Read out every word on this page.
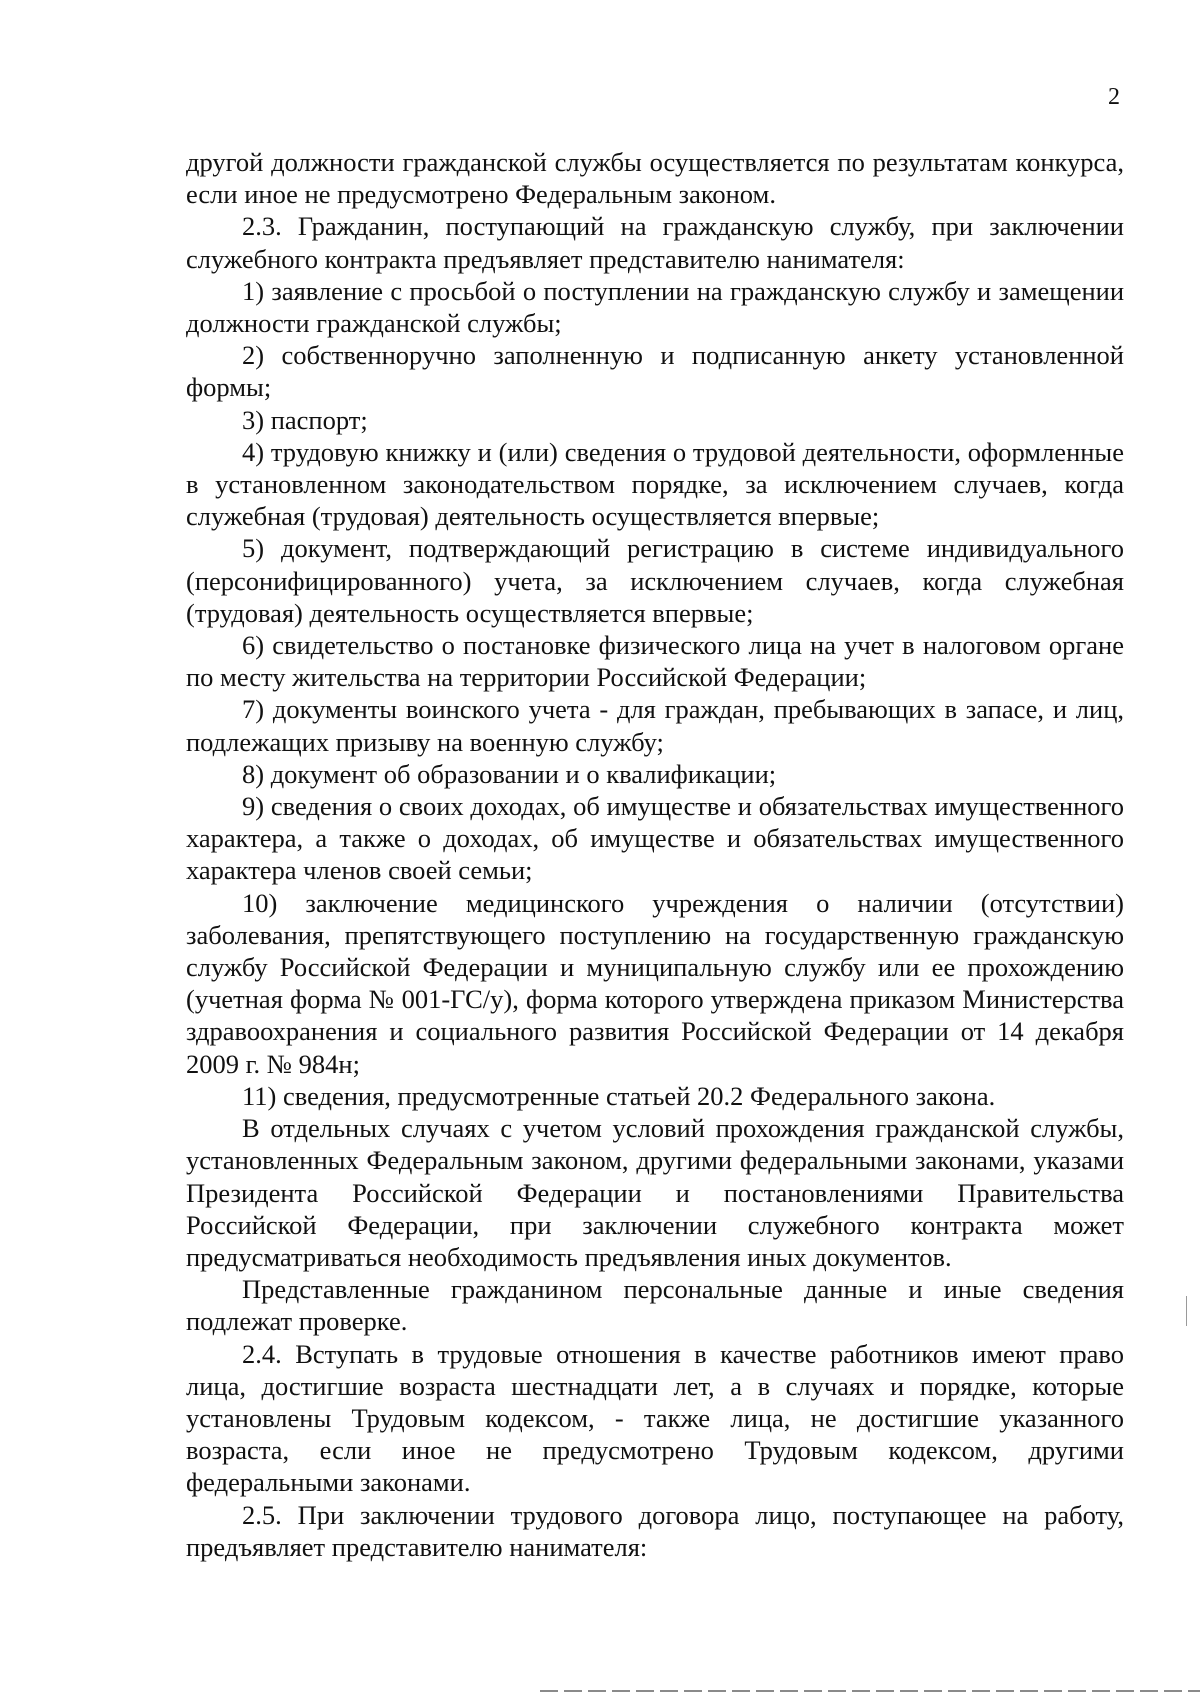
2

другой должности гражданской службы осуществляется по результатам конкурса, если иное не предусмотрено Федеральным законом.

2.3. Гражданин, поступающий на гражданскую службу, при заключении служебного контракта предъявляет представителю нанимателя:

1) заявление с просьбой о поступлении на гражданскую службу и замещении должности гражданской службы;

2) собственноручно заполненную и подписанную анкету установленной формы;

3) паспорт;

4) трудовую книжку и (или) сведения о трудовой деятельности, оформленные в установленном законодательством порядке, за исключением случаев, когда служебная (трудовая) деятельность осуществляется впервые;

5) документ, подтверждающий регистрацию в системе индивидуального (персонифицированного) учета, за исключением случаев, когда служебная (трудовая) деятельность осуществляется впервые;

6) свидетельство о постановке физического лица на учет в налоговом органе по месту жительства на территории Российской Федерации;

7) документы воинского учета - для граждан, пребывающих в запасе, и лиц, подлежащих призыву на военную службу;

8) документ об образовании и о квалификации;

9) сведения о своих доходах, об имуществе и обязательствах имущественного характера, а также о доходах, об имуществе и обязательствах имущественного характера членов своей семьи;

10) заключение медицинского учреждения о наличии (отсутствии) заболевания, препятствующего поступлению на государственную гражданскую службу Российской Федерации и муниципальную службу или ее прохождению (учетная форма № 001-ГС/у), форма которого утверждена приказом Министерства здравоохранения и социального развития Российской Федерации от 14 декабря 2009 г. № 984н;

11) сведения, предусмотренные статьей 20.2 Федерального закона.

В отдельных случаях с учетом условий прохождения гражданской службы, установленных Федеральным законом, другими федеральными законами, указами Президента Российской Федерации и постановлениями Правительства Российской Федерации, при заключении служебного контракта может предусматриваться необходимость предъявления иных документов.

Представленные гражданином персональные данные и иные сведения подлежат проверке.

2.4. Вступать в трудовые отношения в качестве работников имеют право лица, достигшие возраста шестнадцати лет, а в случаях и порядке, которые установлены Трудовым кодексом, - также лица, не достигшие указанного возраста, если иное не предусмотрено Трудовым кодексом, другими федеральными законами.

2.5. При заключении трудового договора лицо, поступающее на работу, предъявляет представителю нанимателя:
